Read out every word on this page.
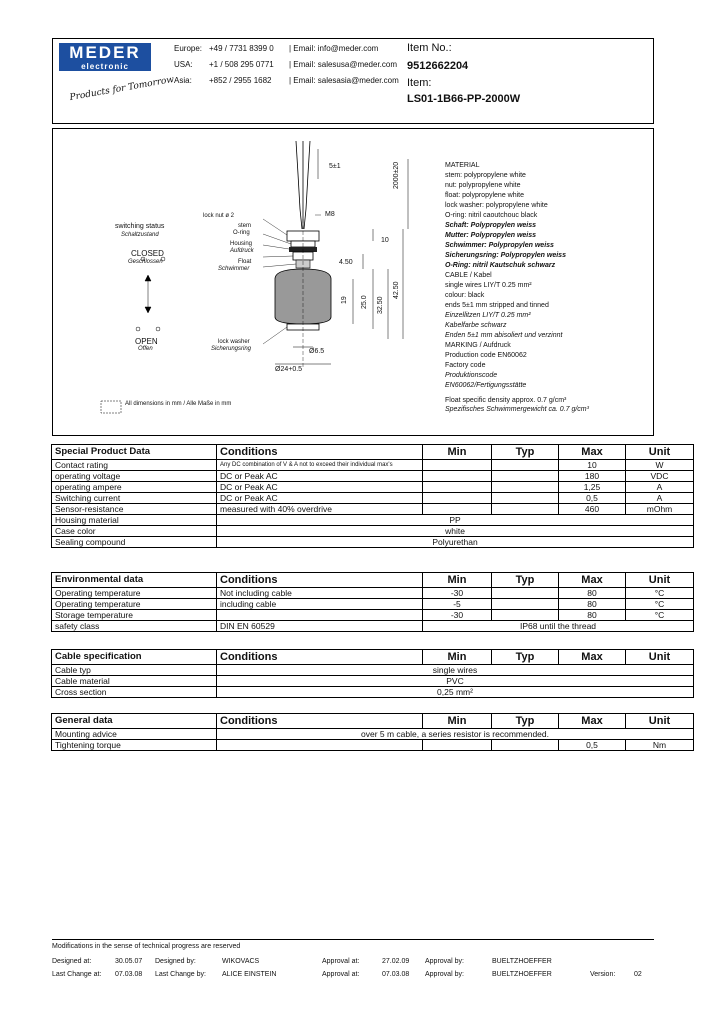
MEDER
electronic
Products for Tomorrow
Europe: +49 / 7731 8399 0	| Email: info@meder.com
USA: +1 / 508 295 0771	| Email: salesusa@meder.com
Asia: +852 / 2955 1682	| Email: salesasia@meder.com
Item No.:
9512662204
Item:
LS01-1B66-PP-2000W
5±1	2000±20
M8
10
4.50
19 25.0 32.50
42.50
Ø6.5
Ø24+0.5
lock nut ø 2
stem
O-ring
Housing
Aufdruck
Float
Schwimmer
lock washer
Sicherungsring
switching status
Schaltzustand
CLOSED
Geschlossen
OPEN
Offen
All dimensions in mm / Alle Maße in mm
MATERIAL
stem: polypropylene white
nut: polypropylene white
float: polypropylene white
lock washer: polypropylene white
O-ring: nitril caoutchouc black
Schaft: Polypropylen weiss
Mutter: Polypropylen weiss
Schwimmer: Polypropylen weiss
Sicherungsring: Polypropylen weiss
O-Ring: nitril Kautschuk schwarz
CABLE / Kabel
single wires LIY/T 0.25 mm²
colour: black
ends 5±1 mm stripped and tinned
Einzellitzen LIY/T 0.25 mm²
Kabelfarbe schwarz
Enden 5±1 mm abisoliert und verzinnt
MARKING / Aufdruck
Production code EN60062
Factory code
Produktionscode
EN60062/Fertigungsstätte
Float specific density approx. 0.7 g/cm³
Spezifisches Schwimmergewicht ca. 0.7 g/cm³
Special Product Data	Conditions	Min	Typ	Max	Unit
Contact rating	Any DC combination of V & A not to exceed their individual max's			10	W
operating voltage	DC or Peak AC			180	VDC
operating ampere	DC or Peak AC			1,25	A
Switching current	DC or Peak AC			0,5	A
Sensor-resistance	measured with 40% overdrive			460	mOhm
Housing material	PP				
Case color	white				
Sealing compound	Polyurethan				
Environmental data	Conditions	Min	Typ	Max	Unit
Operating temperature	Not including cable	-30		80	°C
Operating temperature	including cable	-5		80	°C
Storage temperature		-30		80	°C
safety class	DIN EN 60529	IP68 until the thread			
Cable specification	Conditions	Min	Typ	Max	Unit
Cable typ	single wires				
Cable material	PVC				
Cross section	0,25 mm²				
General data	Conditions	Min	Typ	Max	Unit
Mounting advice	over 5 m cable, a series resistor is recommended.				
Tightening torque				0,5	Nm
Modifications in the sense of technical progress are reserved
Designed at:	30.05.07 Designed by:	WIKOVACS	Approval at:	27.02.09 Approval by:	BUELTZHOEFFER
Last Change at: 07.03.08 Last Change by: ALICE EINSTEIN	Approval at:	07.03.08 Approval by:	BUELTZHOEFFER	Version:	02
